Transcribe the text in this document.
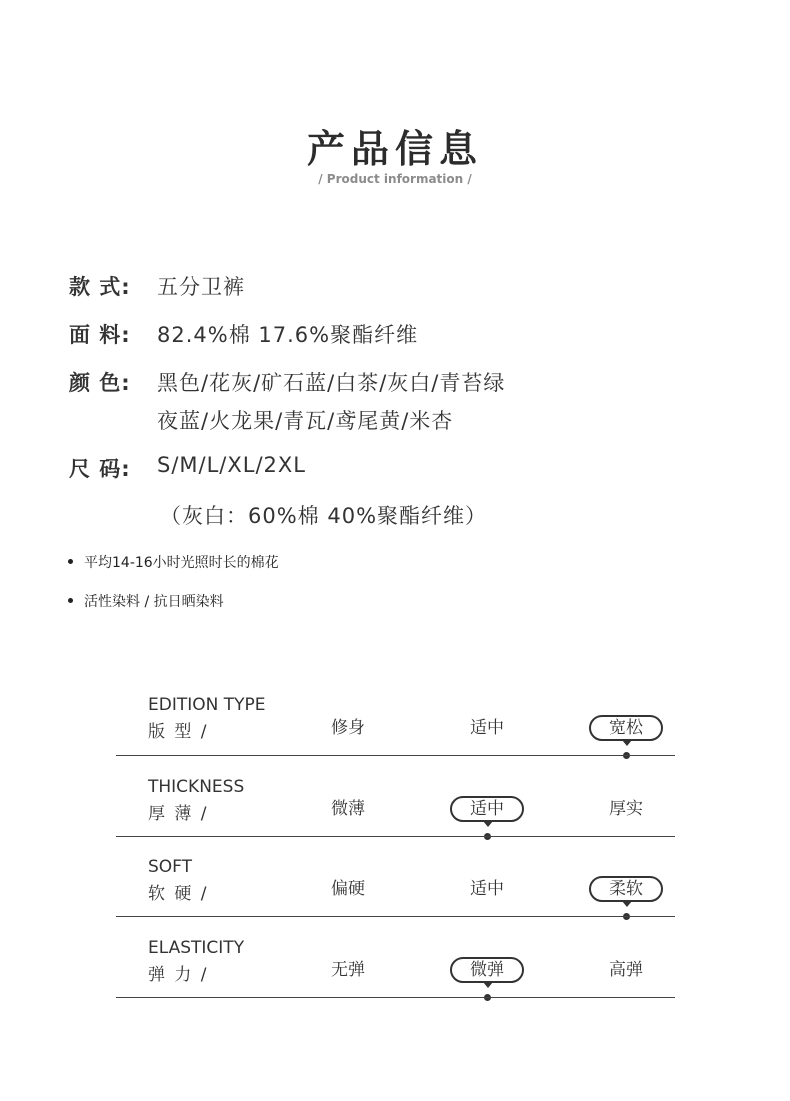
产品信息
/ Product information /
款 式: 五分卫裤
面 料: 82.4%棉 17.6%聚酯纤维
颜 色: 黑色/花灰/矿石蓝/白茶/灰白/青苔绿
夜蓝/火龙果/青瓦/鸢尾黄/米杏
尺 码: S/M/L/XL/2XL
（灰白：60%棉 40%聚酯纤维）
平均14-16小时光照时长的棉花
活性染料 / 抗日晒染料
EDITION TYPE
版 型 /	修身	适中	宽松
THICKNESS
厚 薄 /	微薄	适中	厚实
SOFT
软 硬 /	偏硬	适中	柔软
ELASTICITY
弹 力 /	无弹	微弹	高弹
